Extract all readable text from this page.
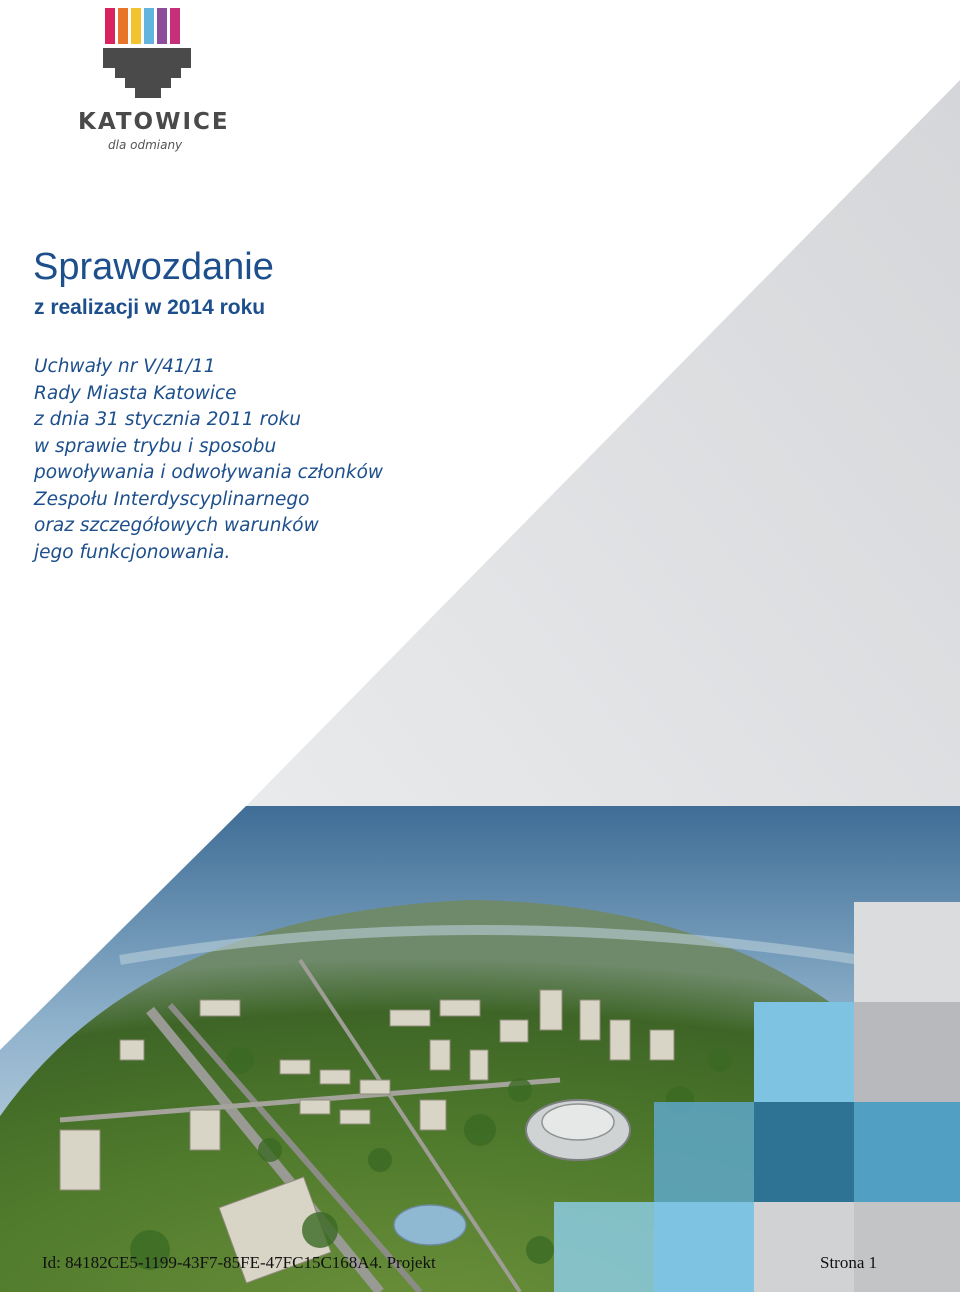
KATOWICE
dla odmiany
Sprawozdanie
z realizacji w 2014 roku
Uchwały nr V/41/11
Rady Miasta Katowice
z dnia 31 stycznia 2011 roku
w sprawie trybu i sposobu
powoływania i odwoływania członków
Zespołu Interdyscyplinarnego
oraz szczegółowych warunków
jego funkcjonowania.
Id: 84182CE5-1199-43F7-85FE-47FC15C168A4. Projekt	Strona 1
